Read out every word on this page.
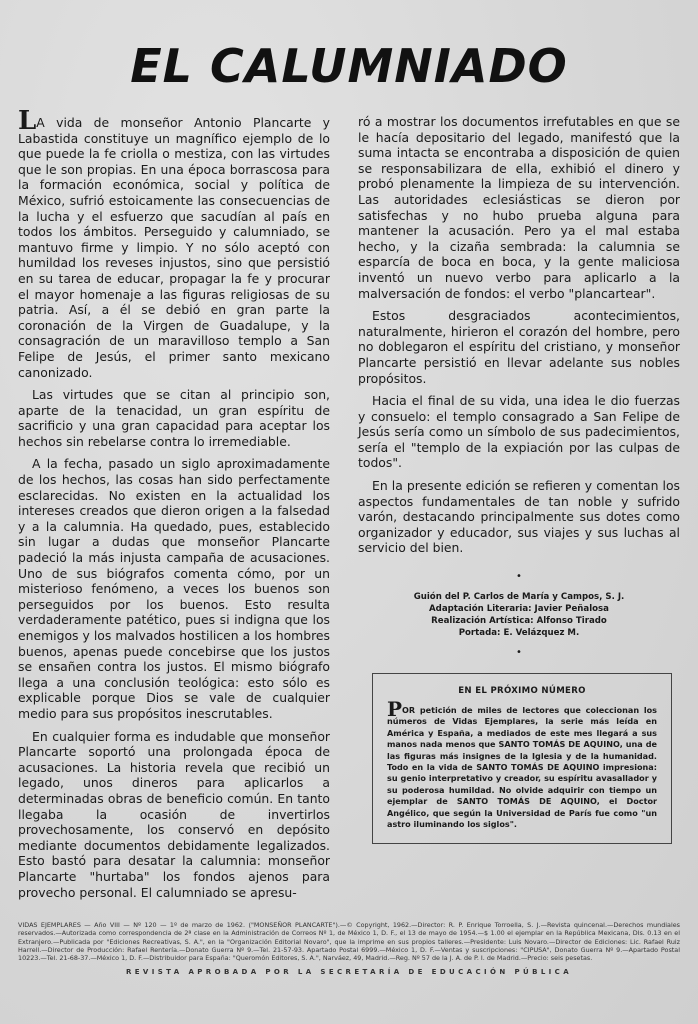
EL CALUMNIADO

LA vida de monseñor Antonio Plancarte y Labastida constituye un magnífico ejemplo de lo que puede la fe criolla o mestiza, con las virtudes que le son propias. En una época borrascosa para la formación económica, social y política de México, sufrió estoicamente las consecuencias de la lucha y el esfuerzo que sacudían al país en todos los ámbitos. Perseguido y calumniado, se mantuvo firme y limpio. Y no sólo aceptó con humildad los reveses injustos, sino que persistió en su tarea de educar, propagar la fe y procurar el mayor homenaje a las figuras religiosas de su patria. Así, a él se debió en gran parte la coronación de la Virgen de Guadalupe, y la consagración de un maravilloso templo a San Felipe de Jesús, el primer santo mexicano canonizado.

Las virtudes que se citan al principio son, aparte de la tenacidad, un gran espíritu de sacrificio y una gran capacidad para aceptar los hechos sin rebelarse contra lo irremediable.

A la fecha, pasado un siglo aproximadamente de los hechos, las cosas han sido perfectamente esclarecidas. No existen en la actualidad los intereses creados que dieron origen a la falsedad y a la calumnia. Ha quedado, pues, establecido sin lugar a dudas que monseñor Plancarte padeció la más injusta campaña de acusaciones. Uno de sus biógrafos comenta cómo, por un misterioso fenómeno, a veces los buenos son perseguidos por los buenos. Esto resulta verdaderamente patético, pues si indigna que los enemigos y los malvados hostilicen a los hombres buenos, apenas puede concebirse que los justos se ensañen contra los justos. El mismo biógrafo llega a una conclusión teológica: esto sólo es explicable porque Dios se vale de cualquier medio para sus propósitos inescrutables.

En cualquier forma es indudable que monseñor Plancarte soportó una prolongada época de acusaciones. La historia revela que recibió un legado, unos dineros para aplicarlos a determinadas obras de beneficio común. En tanto llegaba la ocasión de invertirlos provechosamente, los conservó en depósito mediante documentos debidamente legalizados. Esto bastó para desatar la calumnia: monseñor Plancarte "hurtaba" los fondos ajenos para provecho personal. El calumniado se apresu-

ró a mostrar los documentos irrefutables en que se le hacía depositario del legado, manifestó que la suma intacta se encontraba a disposición de quien se responsabilizara de ella, exhibió el dinero y probó plenamente la limpieza de su intervención. Las autoridades eclesiásticas se dieron por satisfechas y no hubo prueba alguna para mantener la acusación. Pero ya el mal estaba hecho, y la cizaña sembrada: la calumnia se esparcía de boca en boca, y la gente maliciosa inventó un nuevo verbo para aplicarlo a la malversación de fondos: el verbo "plancartear".

Estos desgraciados acontecimientos, naturalmente, hirieron el corazón del hombre, pero no doblegaron el espíritu del cristiano, y monseñor Plancarte persistió en llevar adelante sus nobles propósitos.

Hacia el final de su vida, una idea le dio fuerzas y consuelo: el templo consagrado a San Felipe de Jesús sería como un símbolo de sus padecimientos, sería el "templo de la expiación por las culpas de todos".

En la presente edición se refieren y comentan los aspectos fundamentales de tan noble y sufrido varón, destacando principalmente sus dotes como organizador y educador, sus viajes y sus luchas al servicio del bien.

•
Guión del P. Carlos de María y Campos, S. J.
Adaptación Literaria: Javier Peñalosa
Realización Artística: Alfonso Tirado
Portada: E. Velázquez M.
•
EN EL PRÓXIMO NÚMERO
POR petición de miles de lectores que coleccionan los números de Vidas Ejemplares, la serie más leída en América y España, a mediados de este mes llegará a sus manos nada menos que SANTO TOMÁS DE AQUINO, una de las figuras más insignes de la Iglesia y de la humanidad. Todo en la vida de SANTO TOMÁS DE AQUINO impresiona: su genio interpretativo y creador, su espíritu avasallador y su poderosa humildad. No olvide adquirir con tiempo un ejemplar de SANTO TOMÁS DE AQUINO, el Doctor Angélico, que según la Universidad de París fue como "un astro iluminando los siglos".
VIDAS EJEMPLARES — Año VIII — Nº 120 — 1º de marzo de 1962. ("MONSEÑOR PLANCARTE").—© Copyright, 1962.—Director: R. P. Enrique Torroella, S. J.—Revista quincenal.—Derechos mundiales reservados.—Autorizada como correspondencia de 2ª clase en la Administración de Correos Nº 1, de México 1, D. F., el 13 de mayo de 1954.—$ 1.00 el ejemplar en la República Mexicana, Dls. 0.13 en el Extranjero.—Publicada por "Ediciones Recreativas, S. A.", en la "Organización Editorial Novaro", que la imprime en sus propios talleres.—Presidente: Luis Novaro.—Director de Ediciones: Lic. Rafael Ruiz Harrell.—Director de Producción: Rafael Rentería.—Donato Guerra Nº 9.—Tel. 21-57-93. Apartado Postal 6999.—México 1, D. F.—Ventas y suscripciones: "CIPUSA", Donato Guerra Nº 9.—Apartado Postal 10223.—Tel. 21-68-37.—México 1, D. F.—Distribuidor para España: "Queromón Editores, S. A.", Narváez, 49, Madrid.—Reg. Nº 57 de la J. A. de P. I. de Madrid.—Precio: seis pesetas.
REVISTA APROBADA POR LA SECRETARÍA DE EDUCACIÓN PÚBLICA
